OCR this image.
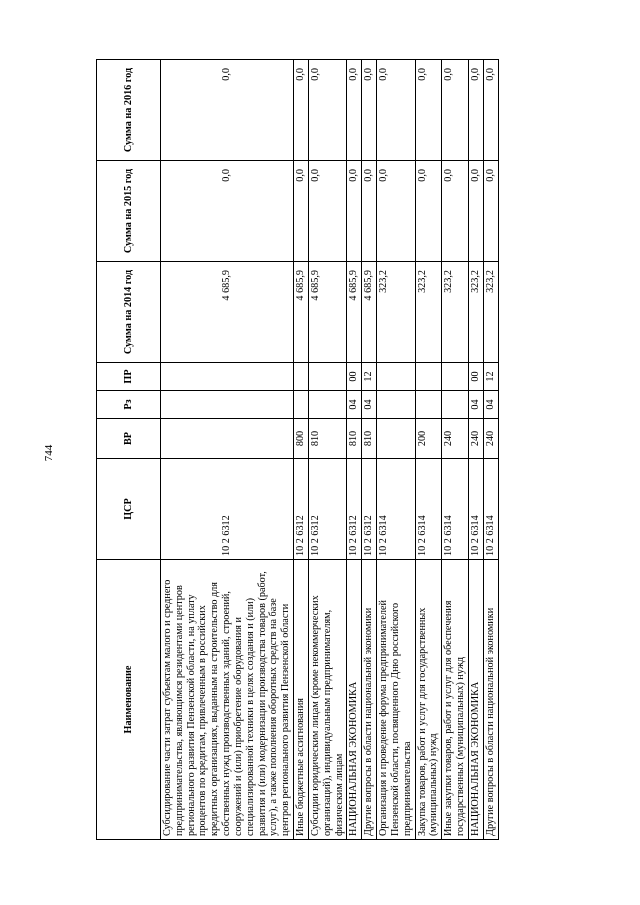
744
Наименование	ЦСР	ВР	Рз	ПР	Сумма на 2014 год	Сумма на 2015 год	Сумма на 2016 год
Субсидирование части затрат субъектам малого и среднего предпринимательства, являющимся резидентами центров регионального развития Пензенской области, на уплату процентов по кредитам, привлеченным в российских кредитных организациях, выданным на строительство для собственных нужд производственных зданий, строений, сооружений и (или) приобретение оборудования и специализированной техники в целях создания и (или) развития и (или) модернизации производства товаров (работ, услуг), а также пополнения оборотных средств на базе центров регионального развития Пензенской области	10 2 6312				4 685,9	0,0	0,0
Иные бюджетные ассигнования	10 2 6312	800			4 685,9	0,0	0,0
Субсидии юридическим лицам (кроме некоммерческих организаций), индивидуальным предпринимателям, физическим лицам	10 2 6312	810			4 685,9	0,0	0,0
НАЦИОНАЛЬНАЯ ЭКОНОМИКА	10 2 6312	810	04	00	4 685,9	0,0	0,0
Другие вопросы в области национальной экономики	10 2 6312	810	04	12	4 685,9	0,0	0,0
Организация и проведение форума предпринимателей Пензенской области, посвященного Дню российского предпринимательства	10 2 6314				323,2	0,0	0,0
Закупка товаров, работ и услуг для государственных (муниципальных) нужд	10 2 6314	200			323,2	0,0	0,0
Иные закупки товаров, работ и услуг для обеспечения государственных (муниципальных) нужд	10 2 6314	240			323,2	0,0	0,0
НАЦИОНАЛЬНАЯ ЭКОНОМИКА	10 2 6314	240	04	00	323,2	0,0	0,0
Другие вопросы в области национальной экономики	10 2 6314	240	04	12	323,2	0,0	0,0
